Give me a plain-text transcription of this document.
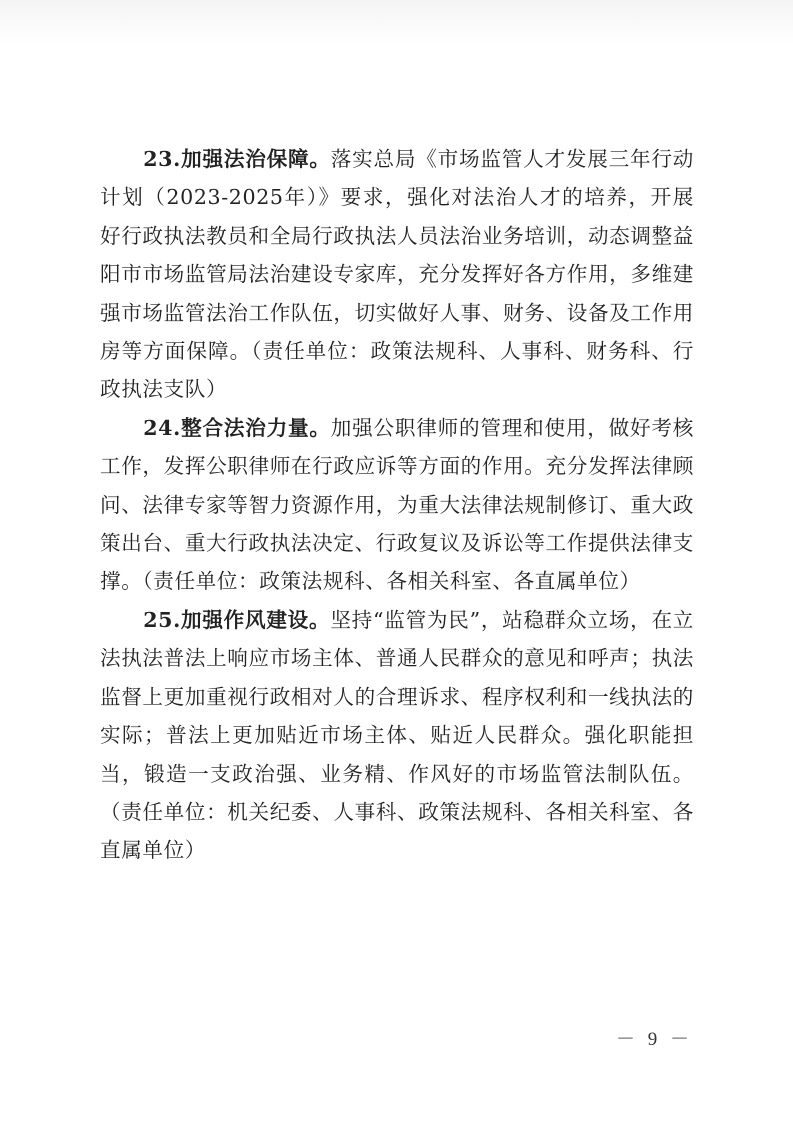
23.加强法治保障。落实总局《市场监管人才发展三年行动计划（2023-2025年）》要求，强化对法治人才的培养，开展好行政执法教员和全局行政执法人员法治业务培训，动态调整益阳市市场监管局法治建设专家库，充分发挥好各方作用，多维建强市场监管法治工作队伍，切实做好人事、财务、设备及工作用房等方面保障。（责任单位：政策法规科、人事科、财务科、行政执法支队）

24.整合法治力量。加强公职律师的管理和使用，做好考核工作，发挥公职律师在行政应诉等方面的作用。充分发挥法律顾问、法律专家等智力资源作用，为重大法律法规制修订、重大政策出台、重大行政执法决定、行政复议及诉讼等工作提供法律支撑。（责任单位：政策法规科、各相关科室、各直属单位）

25.加强作风建设。坚持“监管为民”，站稳群众立场，在立法执法普法上响应市场主体、普通人民群众的意见和呼声；执法监督上更加重视行政相对人的合理诉求、程序权利和一线执法的实际；普法上更加贴近市场主体、贴近人民群众。强化职能担当，锻造一支政治强、业务精、作风好的市场监管法制队伍。（责任单位：机关纪委、人事科、政策法规科、各相关科室、各直属单位）

－ 9 －
